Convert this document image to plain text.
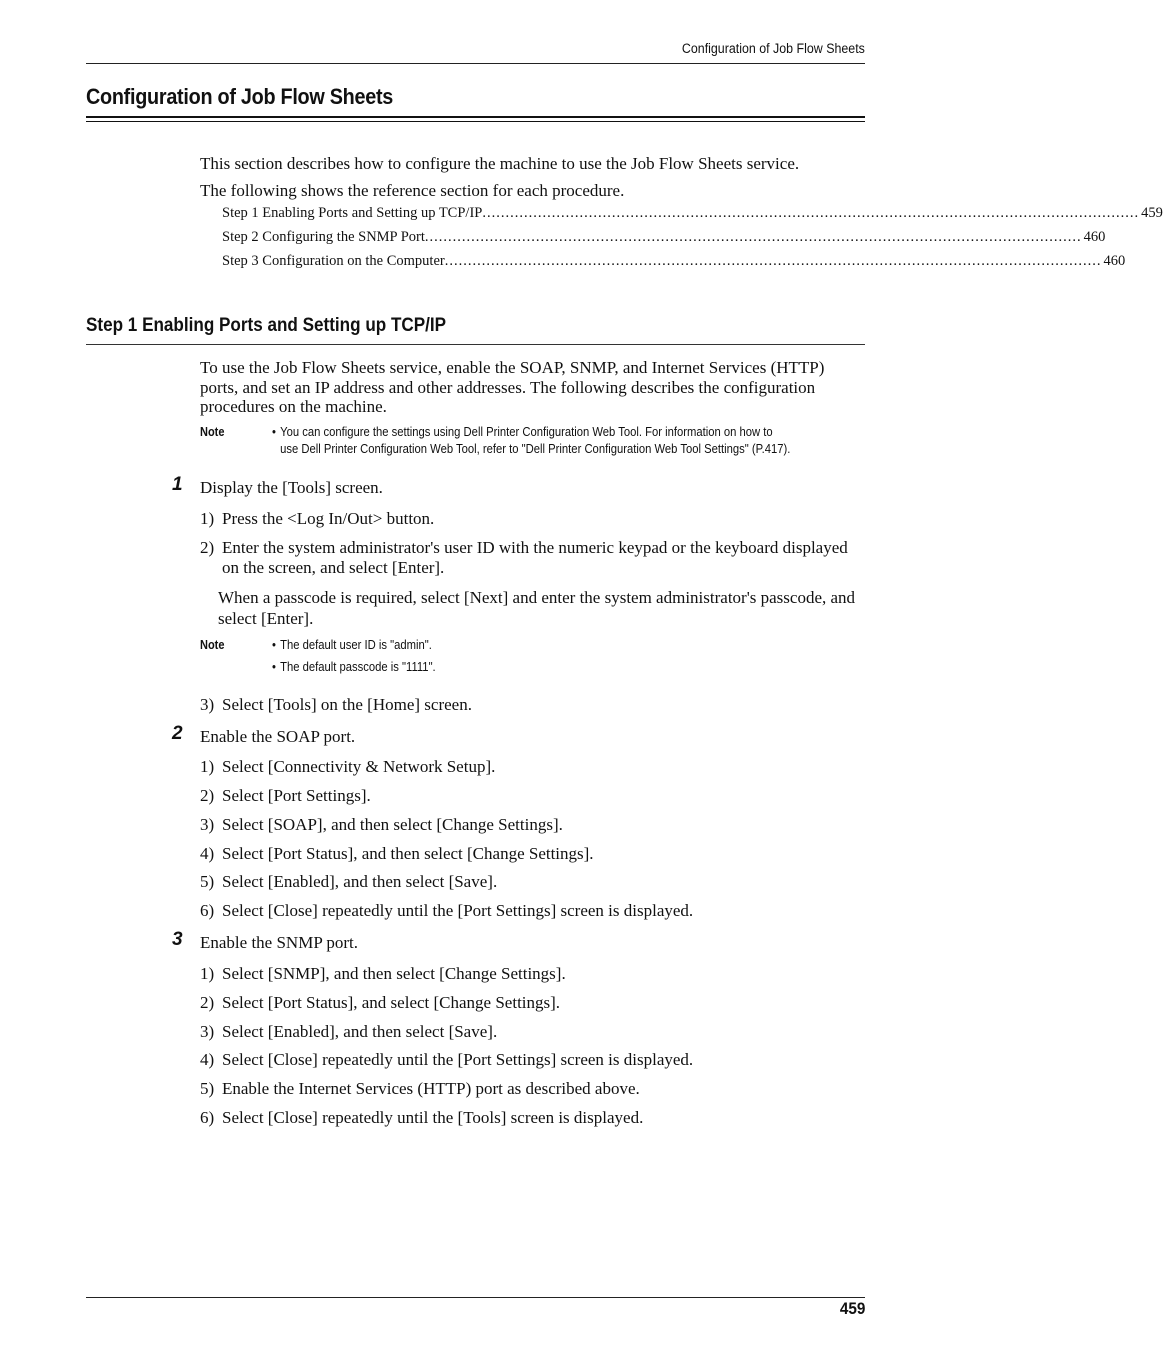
Configuration of Job Flow Sheets
Configuration of Job Flow Sheets
This section describes how to configure the machine to use the Job Flow Sheets service.
The following shows the reference section for each procedure.
Step 1 Enabling Ports and Setting up TCP/IP .............................................................................................................................................. 459
Step 2 Configuring the SNMP Port .............................................................................................................................................. 460
Step 3 Configuration on the Computer .............................................................................................................................................. 460
Step 1 Enabling Ports and Setting up TCP/IP
To use the Job Flow Sheets service, enable the SOAP, SNMP, and Internet Services (HTTP) ports, and set an IP address and other addresses. The following describes the configuration procedures on the machine.
Note	• You can configure the settings using Dell Printer Configuration Web Tool. For information on how to
use Dell Printer Configuration Web Tool, refer to "Dell Printer Configuration Web Tool Settings" (P.417).
1 Display the [Tools] screen.
1) Press the <Log In/Out> button.
2) Enter the system administrator's user ID with the numeric keypad or the keyboard displayed on the screen, and select [Enter].
When a passcode is required, select [Next] and enter the system administrator's passcode, and select [Enter].
Note	• The default user ID is "admin".
• The default passcode is "1111".
3) Select [Tools] on the [Home] screen.
2 Enable the SOAP port.
1) Select [Connectivity & Network Setup].
2) Select [Port Settings].
3) Select [SOAP], and then select [Change Settings].
4) Select [Port Status], and then select [Change Settings].
5) Select [Enabled], and then select [Save].
6) Select [Close] repeatedly until the [Port Settings] screen is displayed.
3 Enable the SNMP port.
1) Select [SNMP], and then select [Change Settings].
2) Select [Port Status], and select [Change Settings].
3) Select [Enabled], and then select [Save].
4) Select [Close] repeatedly until the [Port Settings] screen is displayed.
5) Enable the Internet Services (HTTP) port as described above.
6) Select [Close] repeatedly until the [Tools] screen is displayed.
459
